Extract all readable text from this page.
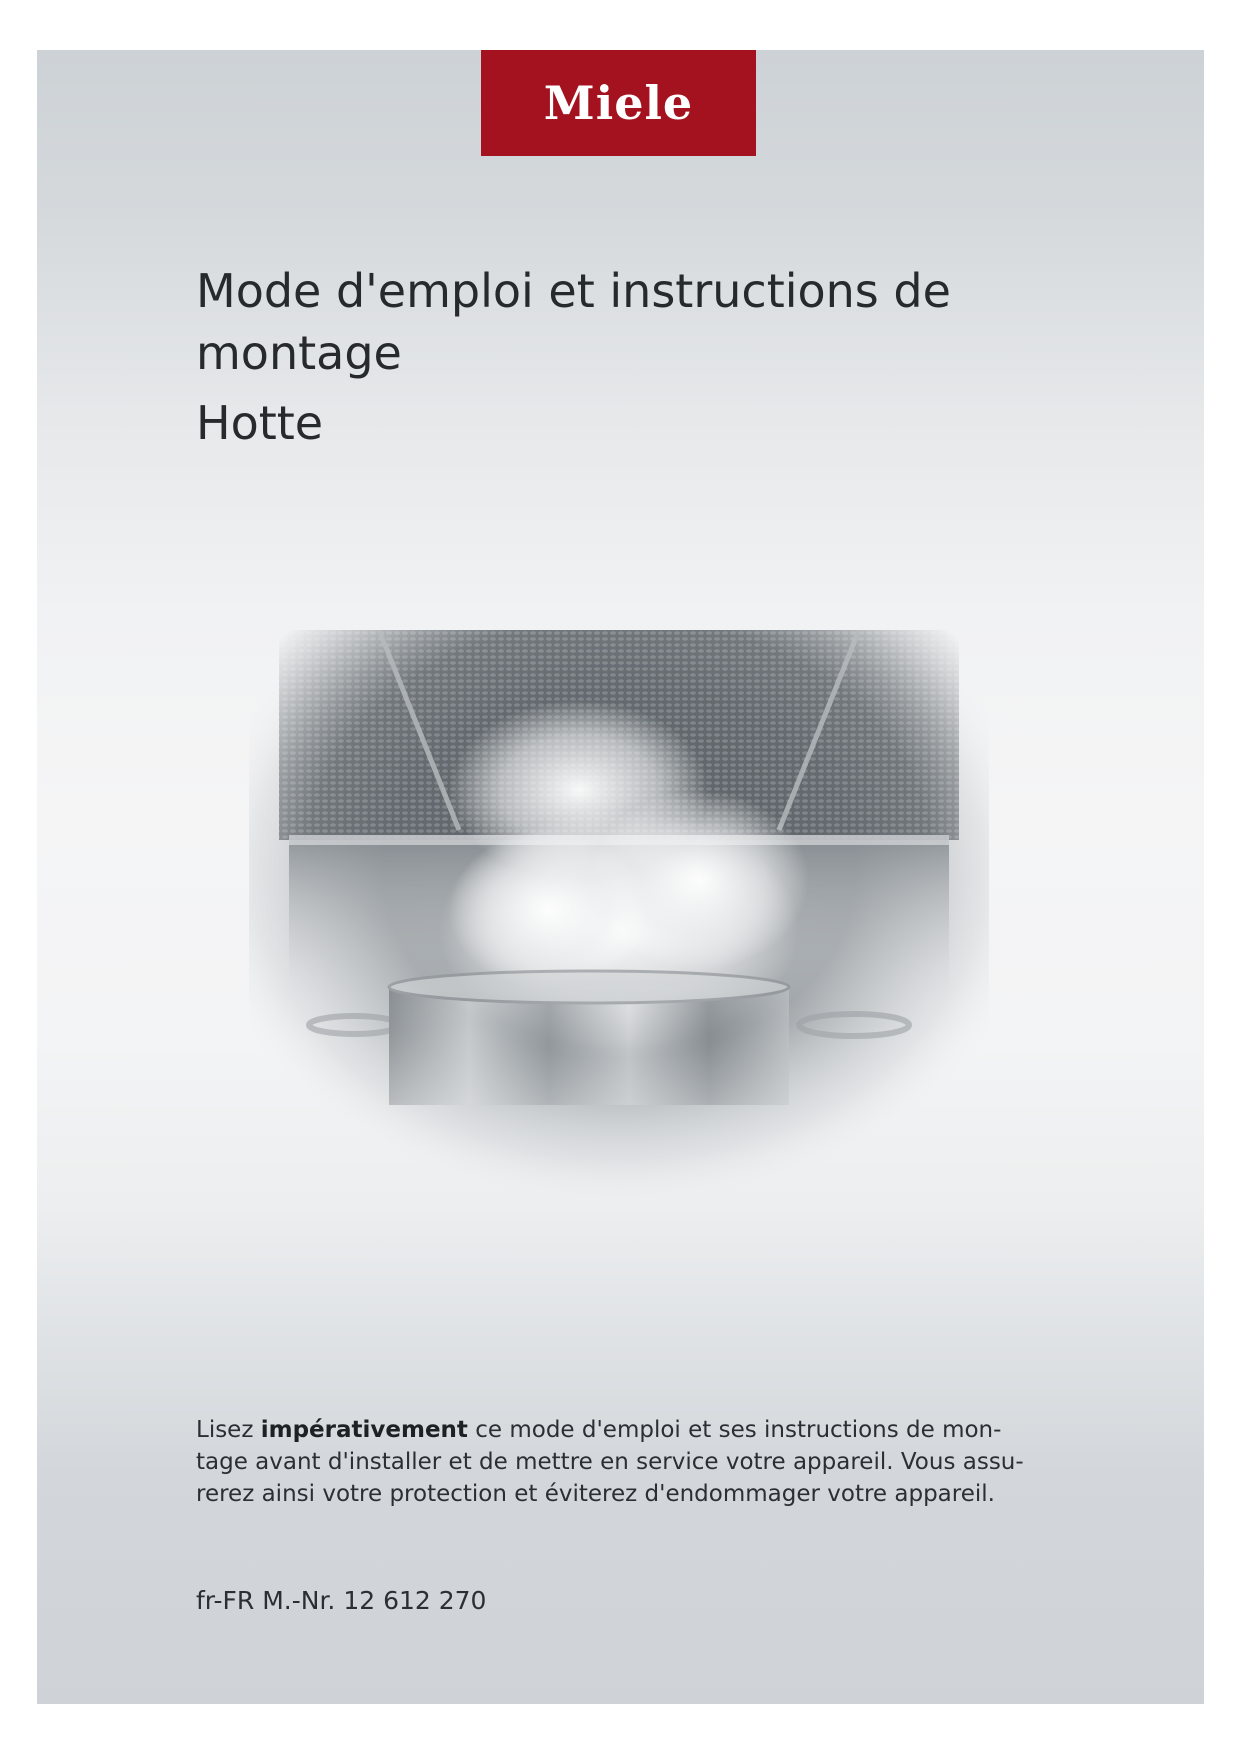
Miele
Mode d'emploi et instructions de
montage
Hotte
Lisez impérativement ce mode d'emploi et ses instructions de mon-
tage avant d'installer et de mettre en service votre appareil. Vous assu-
rerez ainsi votre protection et éviterez d'endommager votre appareil.
fr-FR M.-Nr. 12 612 270
